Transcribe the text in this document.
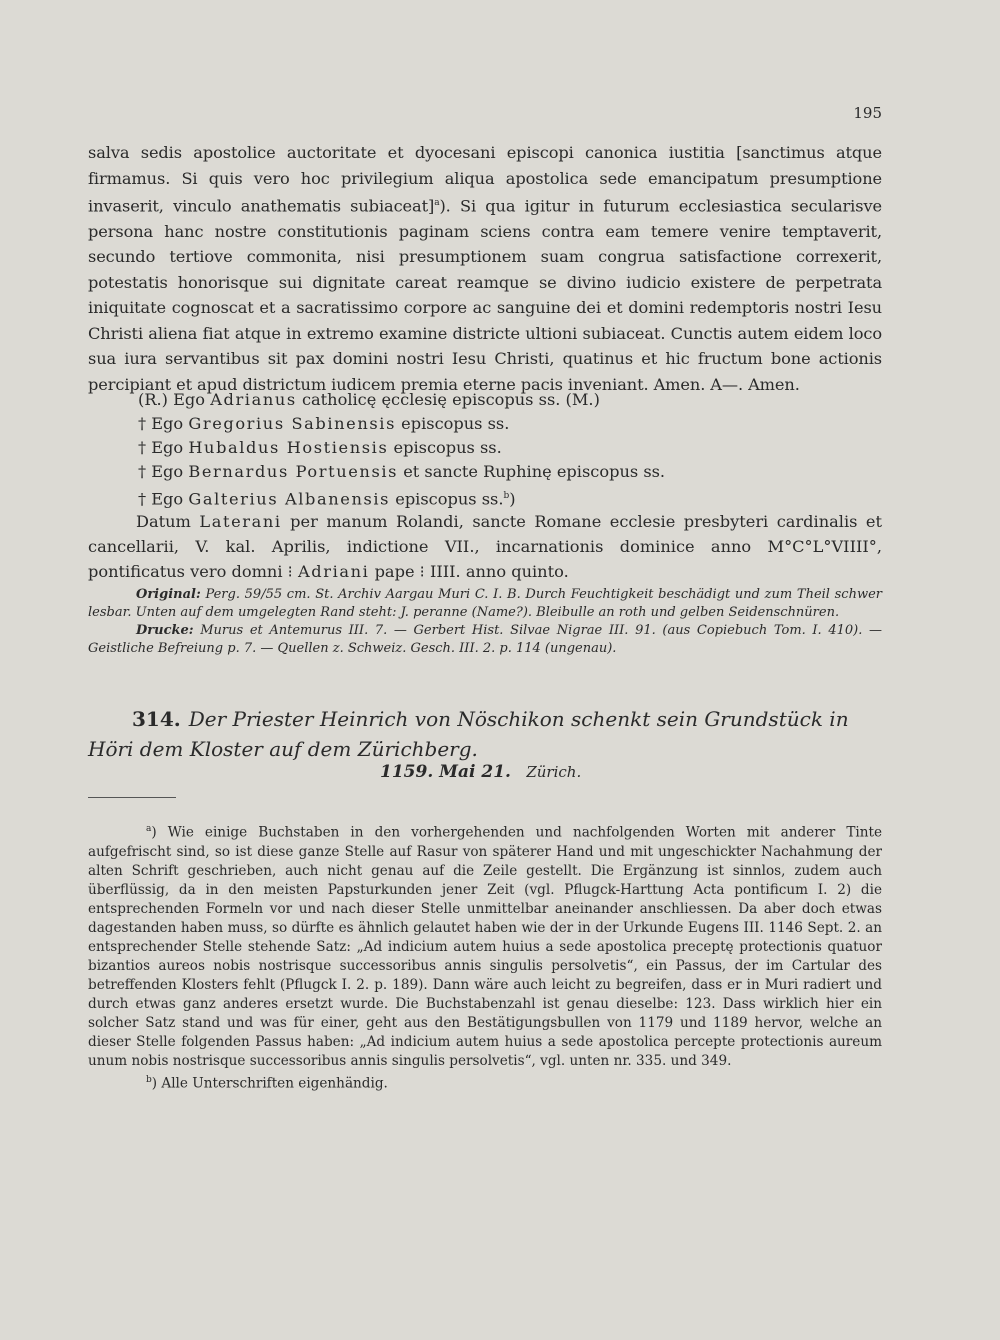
195

salva sedis apostolice auctoritate et dyocesani episcopi canonica iustitia [sanctimus atque firmamus. Si quis vero hoc privilegium aliqua apostolica sede emancipatum presumptione invaserit, vinculo anathematis subiaceat]$^a$). Si qua igitur in futurum ecclesiastica secularisve persona hanc nostre constitutionis paginam sciens contra eam temere venire temptaverit, secundo tertiove commonita, nisi presumptionem suam congrua satisfactione correxerit, potestatis honorisque sui dignitate careat reamque se divino iudicio existere de perpetrata iniquitate cognoscat et a sacratissimo corpore ac sanguine dei et domini redemptoris nostri Iesu Christi aliena fiat atque in extremo examine districte ultioni subiaceat. Cunctis autem eidem loco sua iura servantibus sit pax domini nostri Iesu Christi, quatinus et hic fructum bone actionis percipiant et apud districtum iudicem premia eterne pacis inveniant. Amen. A—. Amen.

(R.) Ego Adrianus catholicę ęcclesię episcopus ss. (M.)
† Ego Gregorius Sabinensis episcopus ss.
† Ego Hubaldus Hostiensis episcopus ss.
† Ego Bernardus Portuensis et sancte Ruphinę episcopus ss.
† Ego Galterius Albanensis episcopus ss.$^b$)

Datum Laterani per manum Rolandi, sancte Romane ecclesie presbyteri cardinalis et cancellarii, V. kal. Aprilis, indictione VII., incarnationis dominice anno M°C°L°VIIII°, pontificatus vero domni ⁝ Adriani pape ⁝ IIII. anno quinto.

Original: Perg. 59/55 cm. St. Archiv Aargau Muri C. I. B. Durch Feuchtigkeit beschädigt und zum Theil schwer lesbar. Unten auf dem umgelegten Rand steht: J. peranne (Name?). Bleibulle an roth und gelben Seidenschnüren.

Drucke: Murus et Antemurus III. 7. — Gerbert Hist. Silvae Nigrae III. 91. (aus Copiebuch Tom. I. 410). — Geistliche Befreiung p. 7. — Quellen z. Schweiz. Gesch. III. 2. p. 114 (ungenau).

314. Der Priester Heinrich von Nöschikon schenkt sein Grundstück in Höri dem Kloster auf dem Zürichberg.
1159. Mai 21. Zürich.

$^a$) Wie einige Buchstaben in den vorhergehenden und nachfolgenden Worten mit anderer Tinte aufgefrischt sind, so ist diese ganze Stelle auf Rasur von späterer Hand und mit ungeschickter Nachahmung der alten Schrift geschrieben, auch nicht genau auf die Zeile gestellt. Die Ergänzung ist sinnlos, zudem auch überflüssig, da in den meisten Papsturkunden jener Zeit (vgl. Pflugck-Harttung Acta pontificum I. 2) die entsprechenden Formeln vor und nach dieser Stelle unmittelbar aneinander anschliessen. Da aber doch etwas dagestanden haben muss, so dürfte es ähnlich gelautet haben wie der in der Urkunde Eugens III. 1146 Sept. 2. an entsprechender Stelle stehende Satz: „Ad indicium autem huius a sede apostolica preceptę protectionis quatuor bizantios aureos nobis nostrisque successoribus annis singulis persolvetis“, ein Passus, der im Cartular des betreffenden Klosters fehlt (Pflugck I. 2. p. 189). Dann wäre auch leicht zu begreifen, dass er in Muri radiert und durch etwas ganz anderes ersetzt wurde. Die Buchstabenzahl ist genau dieselbe: 123. Dass wirklich hier ein solcher Satz stand und was für einer, geht aus den Bestätigungsbullen von 1179 und 1189 hervor, welche an dieser Stelle folgenden Passus haben: „Ad indicium autem huius a sede apostolica percepte protectionis aureum unum nobis nostrisque successoribus annis singulis persolvetis“, vgl. unten nr. 335. und 349.

$^b$) Alle Unterschriften eigenhändig.
